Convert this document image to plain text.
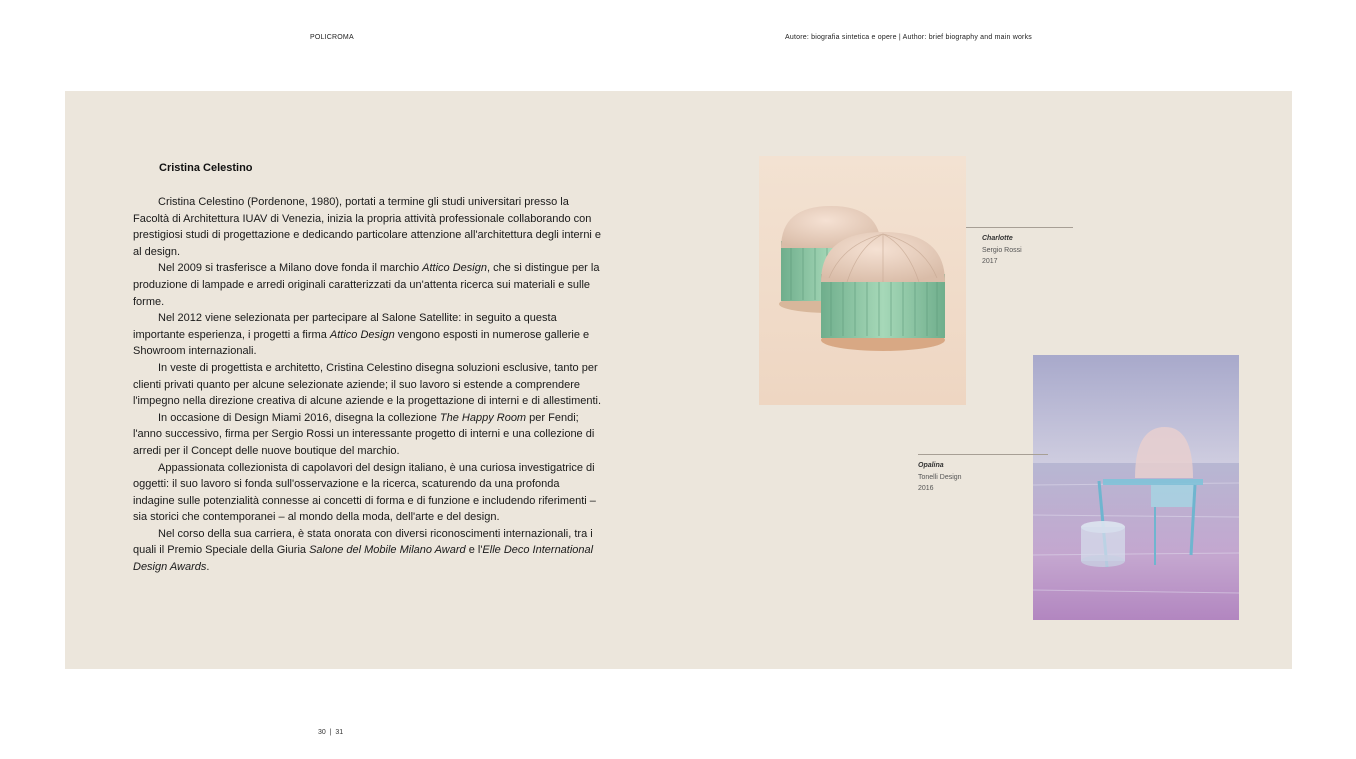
POLICROMA	Autore: biografia sintetica e opere | Author: brief biography and main works
Cristina Celestino

Cristina Celestino (Pordenone, 1980), portati a termine gli studi universitari presso la Facoltà di Architettura IUAV di Venezia, inizia la propria attività professionale collaborando con prestigiosi studi di progettazione e dedicando particolare attenzione all'architettura degli interni e al design.

Nel 2009 si trasferisce a Milano dove fonda il marchio Attico Design, che si distingue per la produzione di lampade e arredi originali caratterizzati da un'attenta ricerca sui materiali e sulle forme.

Nel 2012 viene selezionata per partecipare al Salone Satellite: in seguito a questa importante esperienza, i progetti a firma Attico Design vengono esposti in numerose gallerie e Showroom internazionali.

In veste di progettista e architetto, Cristina Celestino disegna soluzioni esclusive, tanto per clienti privati quanto per alcune selezionate aziende; il suo lavoro si estende a comprendere l'impegno nella direzione creativa di alcune aziende e la progettazione di interni e di allestimenti.

In occasione di Design Miami 2016, disegna la collezione The Happy Room per Fendi; l'anno successivo, firma per Sergio Rossi un interessante progetto di interni e una collezione di arredi per il Concept delle nuove boutique del marchio.

Appassionata collezionista di capolavori del design italiano, è una curiosa investigatrice di oggetti: il suo lavoro si fonda sull'osservazione e la ricerca, scaturendo da una profonda indagine sulle potenzialità connesse ai concetti di forma e di funzione e includendo riferimenti – sia storici che contemporanei – al mondo della moda, dell'arte e del design.

Nel corso della sua carriera, è stata onorata con diversi riconoscimenti internazionali, tra i quali il Premio Speciale della Giuria Salone del Mobile Milano Award e l'Elle Deco International Design Awards.

Charlotte
Sergio Rossi
2017
Opalina
Tonelli Design
2016
30  |  31
